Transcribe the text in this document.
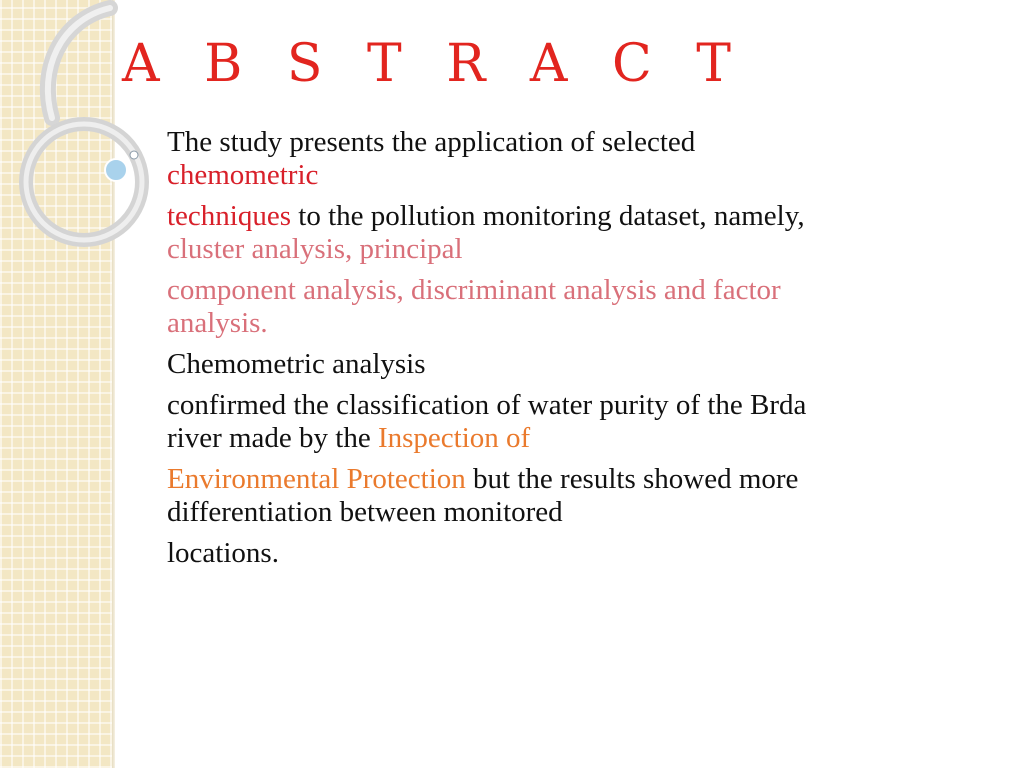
A B S T R A C T

The study presents the application of selected
chemometric

techniques to the pollution monitoring dataset, namely, cluster analysis, principal

component analysis, discriminant analysis and factor analysis.

Chemometric analysis

confirmed the classification of water purity of the Brda river made by the Inspection of

Environmental Protection but the results showed more differentiation between monitored

locations.
